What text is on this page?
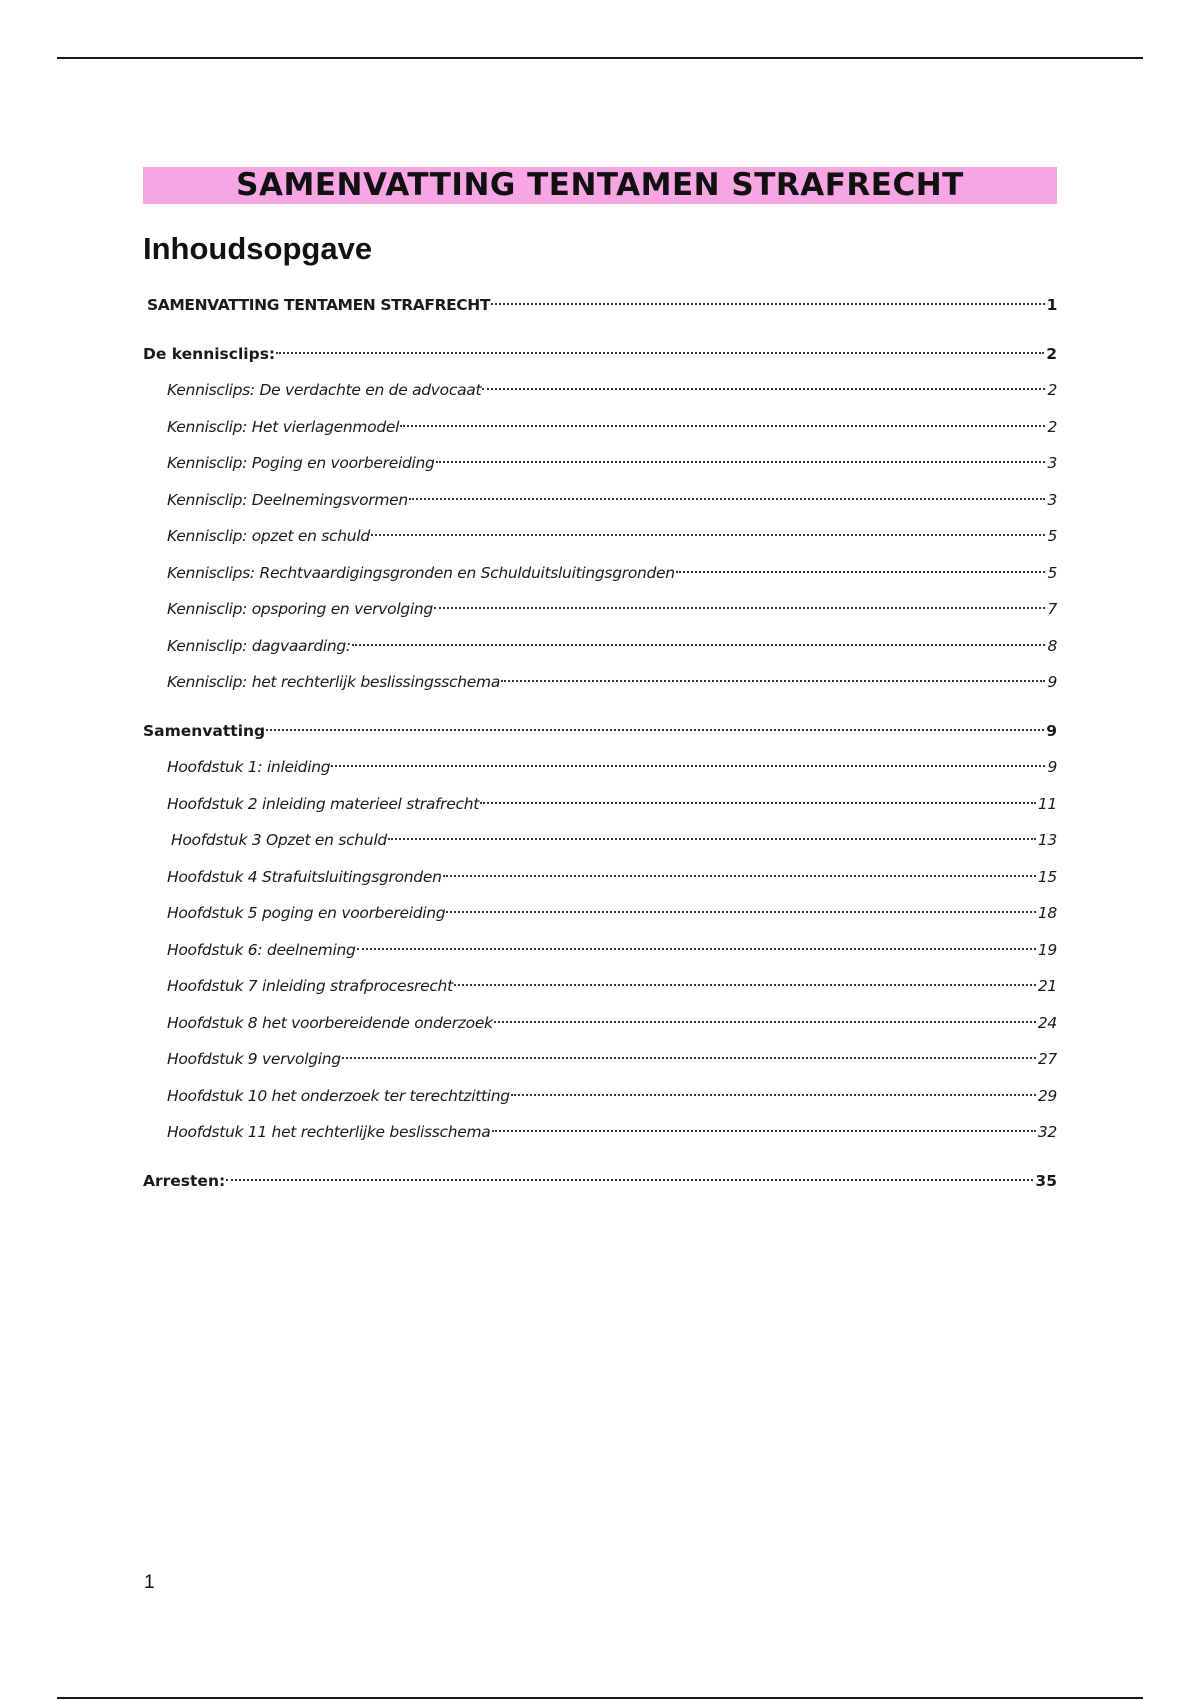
SAMENVATTING TENTAMEN STRAFRECHT
Inhoudsopgave
SAMENVATTING TENTAMEN STRAFRECHT	1
De kennisclips:	2
Kennisclips: De verdachte en de advocaat	2
Kennisclip: Het vierlagenmodel	2
Kennisclip: Poging en voorbereiding	3
Kennisclip: Deelnemingsvormen	3
Kennisclip: opzet en schuld	5
Kennisclips: Rechtvaardigingsgronden en Schulduitsluitingsgronden	5
Kennisclip: opsporing en vervolging	7
Kennisclip: dagvaarding:	8
Kennisclip: het rechterlijk beslissingsschema	9
Samenvatting	9
Hoofdstuk 1: inleiding	9
Hoofdstuk 2 inleiding materieel strafrecht	11
Hoofdstuk 3 Opzet en schuld	13
Hoofdstuk 4 Strafuitsluitingsgronden	15
Hoofdstuk 5 poging en voorbereiding	18
Hoofdstuk 6: deelneming	19
Hoofdstuk 7 inleiding strafprocesrecht	21
Hoofdstuk 8 het voorbereidende onderzoek	24
Hoofdstuk 9 vervolging	27
Hoofdstuk 10 het onderzoek ter terechtzitting	29
Hoofdstuk 11 het rechterlijke beslisschema	32
Arresten:	35
1
